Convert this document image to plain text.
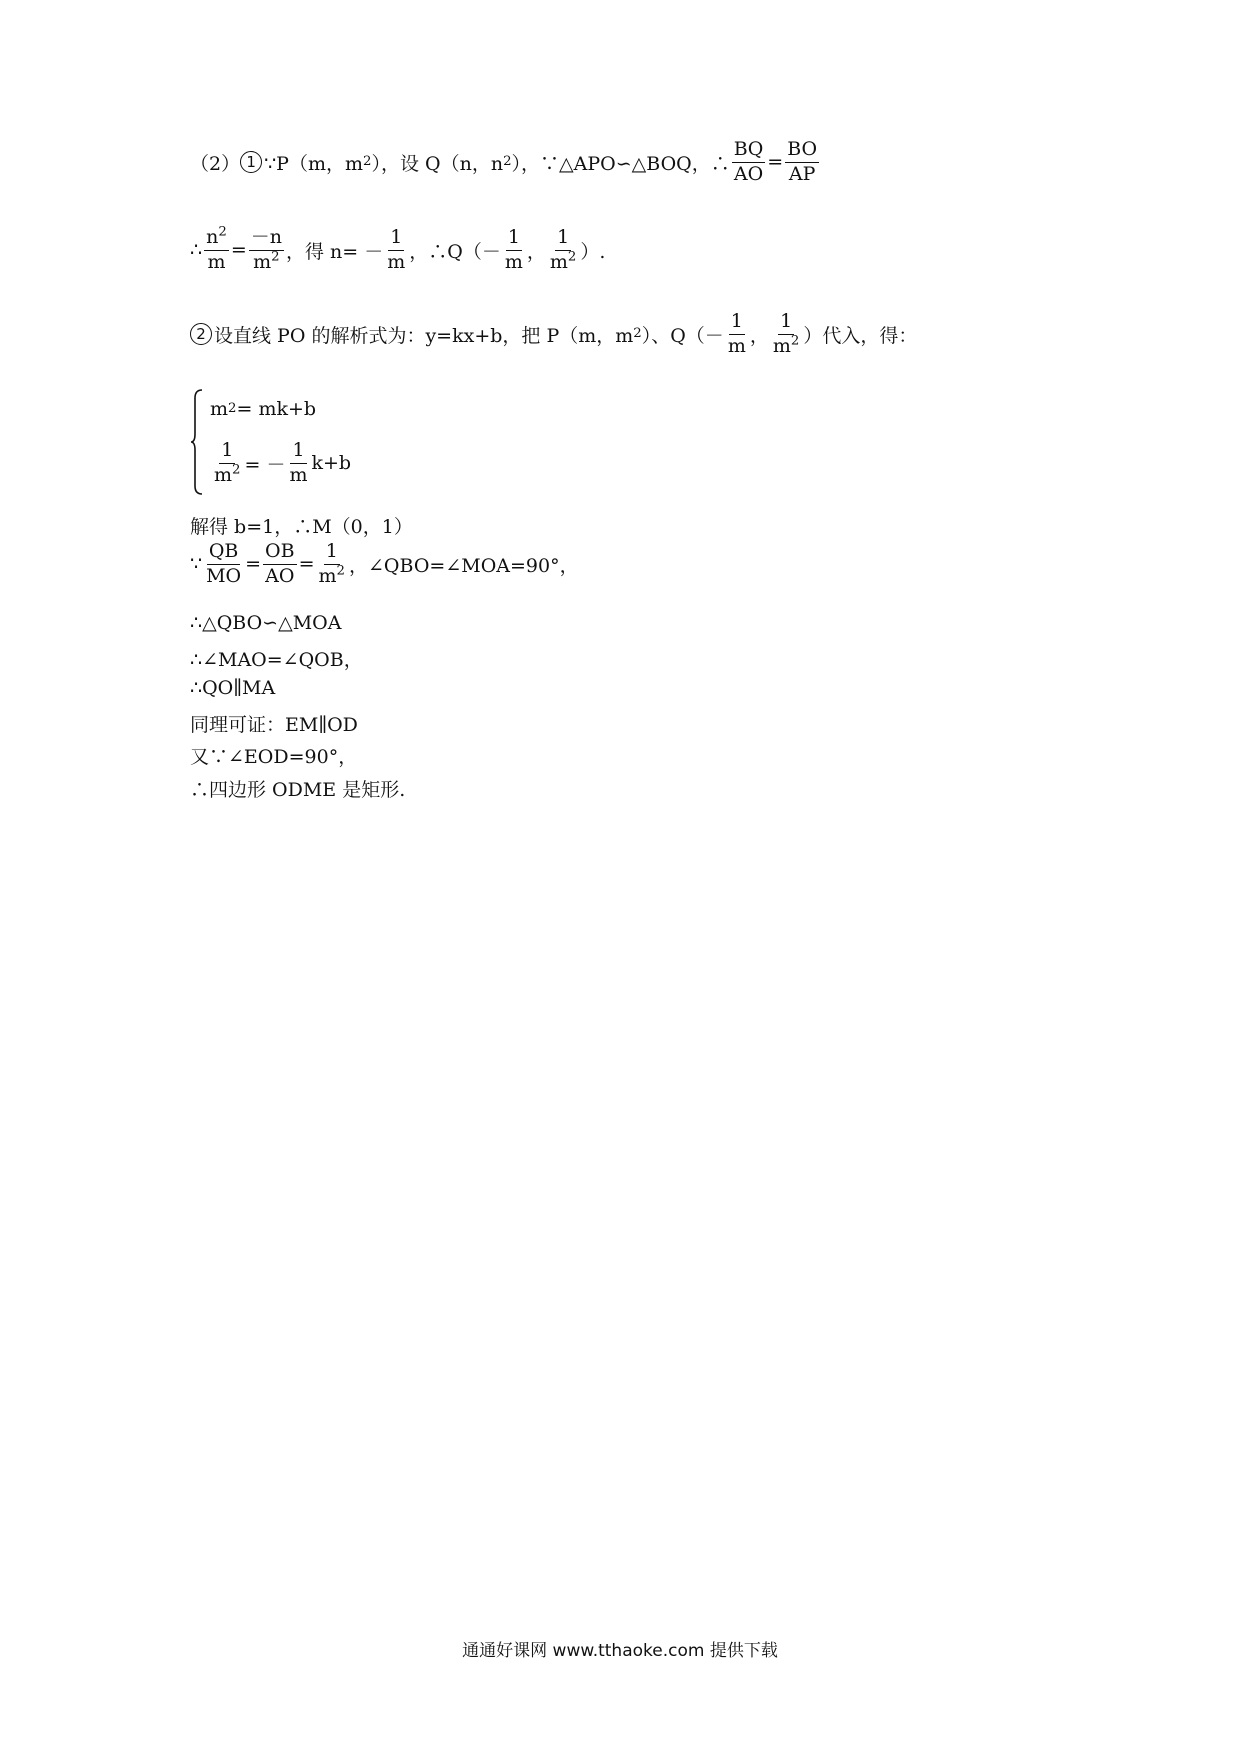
（2） 1 ∵P（m，m 2 ），设 Q（n，n 2 ），∵△APO∽△BOQ，∴ $\frac{BQ}{AO} = \frac{BO}{AP}$
∴ $\frac{n^2}{m} = \frac{-n}{m^2}$ ，得 $n= - \frac{1}{m}$ ，∴Q（－ $\frac{1}{m}$ ， $\frac{1}{m^2}$ ）.
2 设直线 PO 的解析式为：y=kx+b，把 P（m，m 2 ）、$Q(- \frac{1}{m}$ ， $\frac{1}{m^2}$ ）代入，得：
m 2 = mk+b
$\frac{1}{m^2}$ = － $\frac{1}{m} k+b$
解得 b=1，∴M（0，1）
∵ $\frac{QB}{MO} = \frac{OB}{AO} = \frac{1}{m^2}$ ，∠QBO=∠MOA=90°，
∴△QBO∽△MOA
∴∠MAO=∠QOB，
∴QO∥MA
同理可证：EM∥OD
又∵∠EOD=90°，
∴四边形 ODME 是矩形.
通通好课网 www.tthaoke.com 提供下载
